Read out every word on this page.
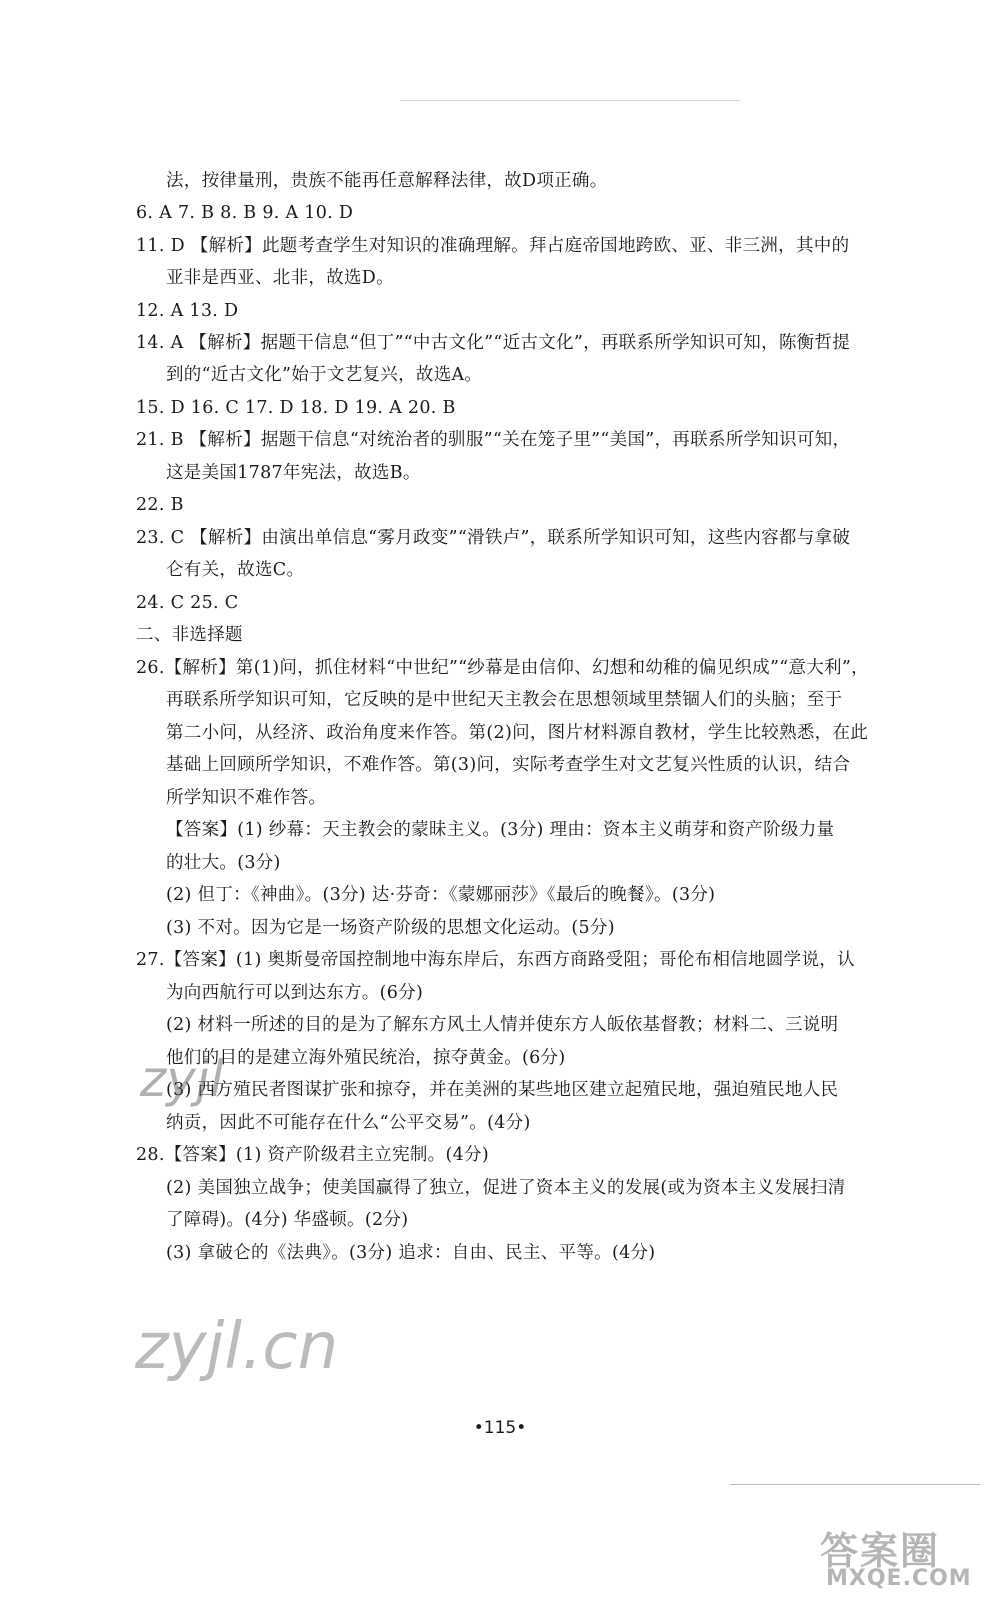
法，按律量刑，贵族不能再任意解释法律，故D项正确。
6. A 7. B 8. B 9. A 10. D
11. D 【解析】此题考查学生对知识的准确理解。拜占庭帝国地跨欧、亚、非三洲，其中的
亚非是西亚、北非，故选D。
12. A 13. D
14. A 【解析】据题干信息“但丁”“中古文化”“近古文化”，再联系所学知识可知，陈衡哲提
到的“近古文化”始于文艺复兴，故选A。
15. D 16. C 17. D 18. D 19. A 20. B
21. B 【解析】据题干信息“对统治者的驯服”“关在笼子里”“美国”，再联系所学知识可知，
这是美国1787年宪法，故选B。
22. B
23. C 【解析】由演出单信息“雾月政变”“滑铁卢”，联系所学知识可知，这些内容都与拿破
仑有关，故选C。
24. C 25. C
二、非选择题
26.【解析】第(1)问，抓住材料“中世纪”“纱幕是由信仰、幻想和幼稚的偏见织成”“意大利”，
再联系所学知识可知，它反映的是中世纪天主教会在思想领域里禁锢人们的头脑；至于
第二小问，从经济、政治角度来作答。第(2)问，图片材料源自教材，学生比较熟悉，在此
基础上回顾所学知识，不难作答。第(3)问，实际考查学生对文艺复兴性质的认识，结合
所学知识不难作答。
【答案】(1) 纱幕：天主教会的蒙昧主义。(3分) 理由：资本主义萌芽和资产阶级力量
的壮大。(3分)
(2) 但丁：《神曲》。(3分) 达·芬奇：《蒙娜丽莎》《最后的晚餐》。(3分)
(3) 不对。因为它是一场资产阶级的思想文化运动。(5分)
27.【答案】(1) 奥斯曼帝国控制地中海东岸后，东西方商路受阻；哥伦布相信地圆学说，认
为向西航行可以到达东方。(6分)
(2) 材料一所述的目的是为了解东方风土人情并使东方人皈依基督教；材料二、三说明
他们的目的是建立海外殖民统治，掠夺黄金。(6分)
(3) 西方殖民者图谋扩张和掠夺，并在美洲的某些地区建立起殖民地，强迫殖民地人民
纳贡，因此不可能存在什么“公平交易”。(4分)
28.【答案】(1) 资产阶级君主立宪制。(4分)
(2) 美国独立战争；使美国赢得了独立，促进了资本主义的发展(或为资本主义发展扫清
了障碍)。(4分) 华盛顿。(2分)
(3) 拿破仑的《法典》。(3分) 追求：自由、民主、平等。(4分)
zyjl
zyjl.cn
•115•
答案圈
MXQE.COM
